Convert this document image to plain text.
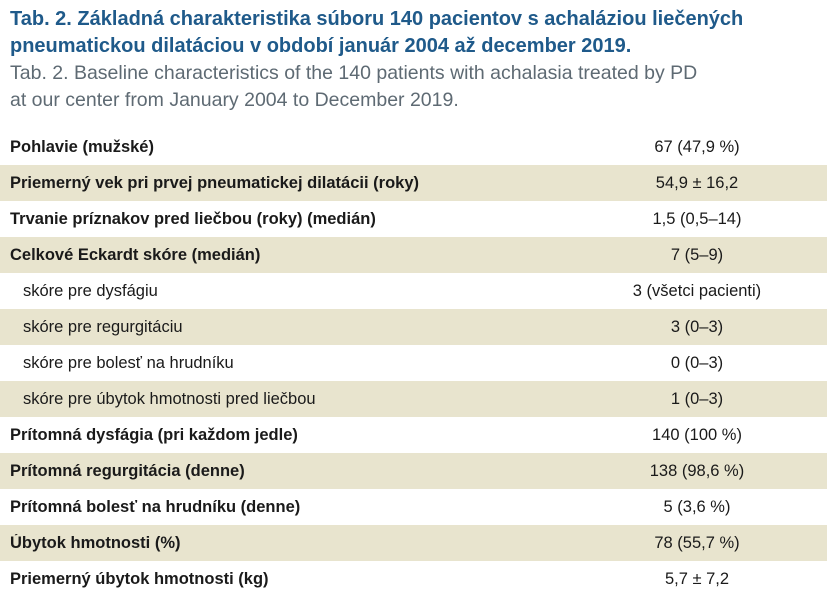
Tab. 2. Základná charakteristika súboru 140 pacientov s achaláziou liečených
pneumatickou dilatáciou v období január 2004 až december 2019.
Tab. 2. Baseline characteristics of the 140 patients with achalasia treated by PD
at our center from January 2004 to December 2019.
Pohlavie (mužské)	67 (47,9 %)
Priemerný vek pri prvej pneumatickej dilatácii (roky)	54,9 ± 16,2
Trvanie príznakov pred liečbou (roky) (medián)	1,5 (0,5–14)
Celkové Eckardt skóre (medián)	7 (5–9)
skóre pre dysfágiu	3 (všetci pacienti)
skóre pre regurgitáciu	3 (0–3)
skóre pre bolesť na hrudníku	0 (0–3)
skóre pre úbytok hmotnosti pred liečbou	1 (0–3)
Prítomná dysfágia (pri každom jedle)	140 (100 %)
Prítomná regurgitácia (denne)	138 (98,6 %)
Prítomná bolesť na hrudníku (denne)	5 (3,6 %)
Úbytok hmotnosti (%)	78 (55,7 %)
Priemerný úbytok hmotnosti (kg)	5,7 ± 7,2
